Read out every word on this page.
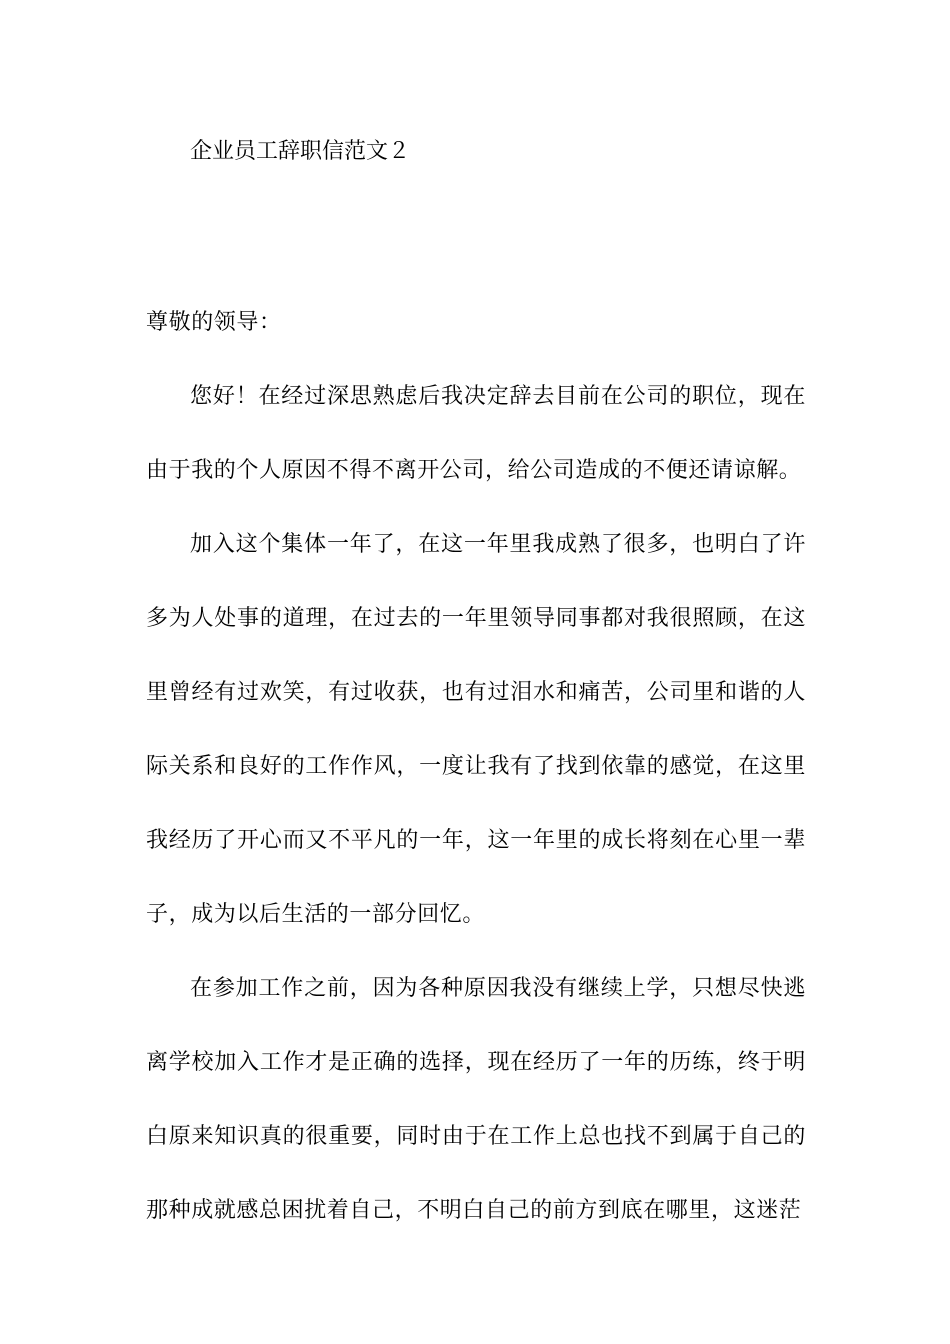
企业员工辞职信范文２

尊敬的领导：

您好！在经过深思熟虑后我决定辞去目前在公司的职位，现在由于我的个人原因不得不离开公司，给公司造成的不便还请谅解。

加入这个集体一年了，在这一年里我成熟了很多，也明白了许多为人处事的道理，在过去的一年里领导同事都对我很照顾，在这里曾经有过欢笑，有过收获，也有过泪水和痛苦，公司里和谐的人际关系和良好的工作作风，一度让我有了找到依靠的感觉，在这里我经历了开心而又不平凡的一年，这一年里的成长将刻在心里一辈子，成为以后生活的一部分回忆。

在参加工作之前，因为各种原因我没有继续上学，只想尽快逃离学校加入工作才是正确的选择，现在经历了一年的历练，终于明白原来知识真的很重要，同时由于在工作上总也找不到属于自己的那种成就感总困扰着自己，不明白自己的前方到底在哪里，这迷茫
